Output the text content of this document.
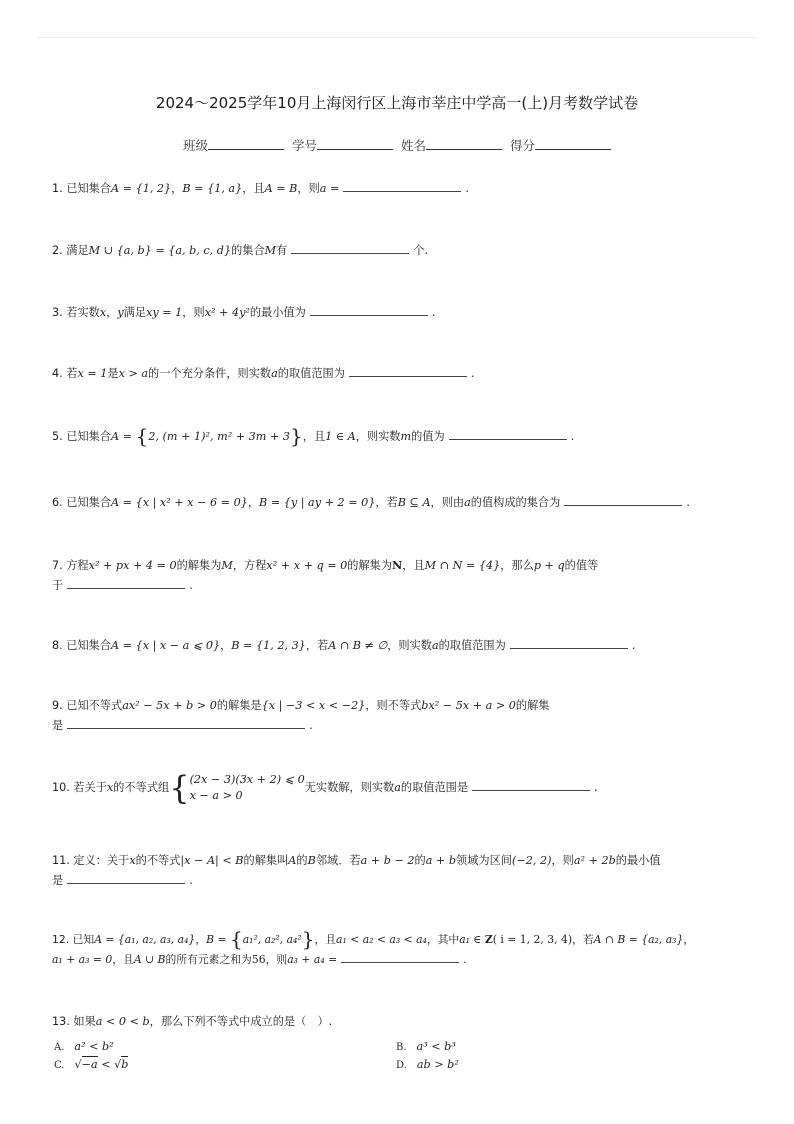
2024～2025学年10月上海闵行区上海市莘庄中学高一(上)月考数学试卷
班级	学号	姓名	得分
1. 已知集合A = {1, 2}，B = {1, a}，且A = B，则a =	.
2. 满足M ∪ {a, b} = {a, b, c, d}的集合M有	个.
3. 若实数x，y满足xy = 1，则x² + 4y²的最小值为	.
4. 若x = 1是x > a的一个充分条件，则实数a的取值范围为	.
5. 已知集合A = {2, (m + 1)², m² + 3m + 3}，且1 ∈ A，则实数m的值为	.
6. 已知集合A = {x | x² + x − 6 = 0}，B = {y | ay + 2 = 0}，若B ⊆ A，则由a的值构成的集合为	.
7. 方程x² + px + 4 = 0的解集为M，方程x² + x + q = 0的解集为N，且M ∩ N = {4}，那么p + q的值等
于	.
8. 已知集合A = {x | x − a ⩽ 0}，B = {1, 2, 3}，若A ∩ B ≠ ∅，则实数a的取值范围为	.
9. 已知不等式ax² − 5x + b > 0的解集是{x | −3 < x < −2}，则不等式bx² − 5x + a > 0的解集
是	.
10. 若关于x的不等式组{(2x − 3)(3x + 2) ⩽ 0
x − a > 0无实数解，则实数a的取值范围是	.
11. 定义：关于x的不等式|x − A| < B的解集叫A的B邻域．若a + b − 2的a + b领域为区间(−2, 2)，则a² + 2b的最小值
是	.
12. 已知A = {a₁, a₂, a₃, a₄}，B = {a₁², a₂², a₄²}，且a₁ < a₂ < a₃ < a₄，其中a₁ ∈ Z( i = 1, 2, 3, 4)，若A ∩ B = {a₂, a₃}，
a₁ + a₃ = 0，且A ∪ B的所有元素之和为56，则a₃ + a₄ =	.
13. 如果a < 0 < b，那么下列不等式中成立的是（　）.
A. a² < b²	B. a³ < b³
C. √−a < √b	D. ab > b²
